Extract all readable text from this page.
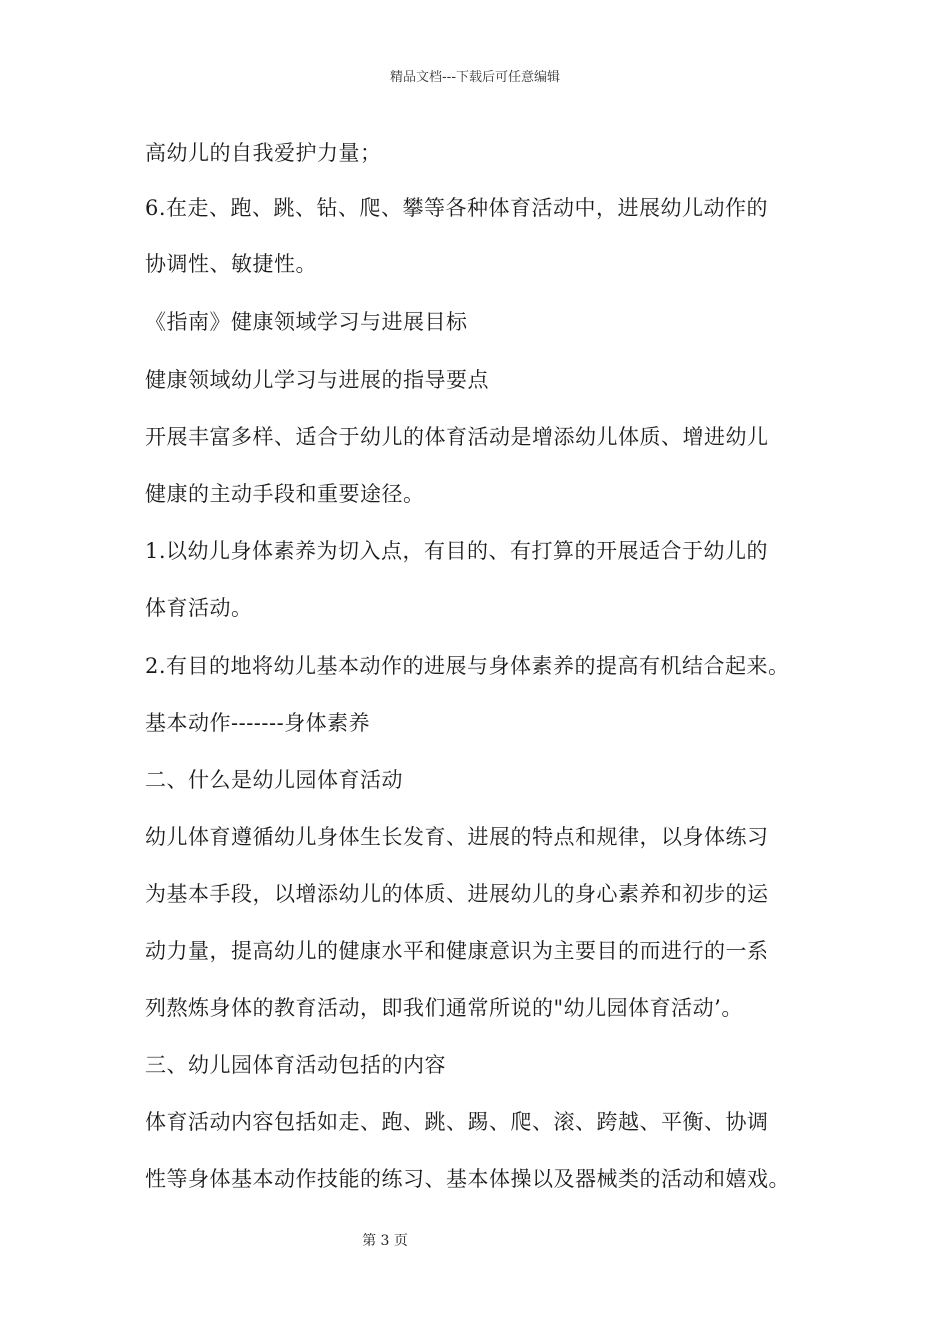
精品文档---下载后可任意编辑
高幼儿的自我爱护力量；
6.在走、跑、跳、钻、爬、攀等各种体育活动中，进展幼儿动作的
协调性、敏捷性。
《指南》健康领域学习与进展目标
健康领域幼儿学习与进展的指导要点
开展丰富多样、适合于幼儿的体育活动是增添幼儿体质、增进幼儿
健康的主动手段和重要途径。
1.以幼儿身体素养为切入点，有目的、有打算的开展适合于幼儿的
体育活动。
2.有目的地将幼儿基本动作的进展与身体素养的提高有机结合起来。
基本动作-------身体素养
二、什么是幼儿园体育活动
幼儿体育遵循幼儿身体生长发育、进展的特点和规律，以身体练习
为基本手段，以增添幼儿的体质、进展幼儿的身心素养和初步的运
动力量，提高幼儿的健康水平和健康意识为主要目的而进行的一系
列熬炼身体的教育活动，即我们通常所说的"幼儿园体育活动’。
三、幼儿园体育活动包括的内容
体育活动内容包括如走、跑、跳、踢、爬、滚、跨越、平衡、协调
性等身体基本动作技能的练习、基本体操以及器械类的活动和嬉戏。
第 3 页
